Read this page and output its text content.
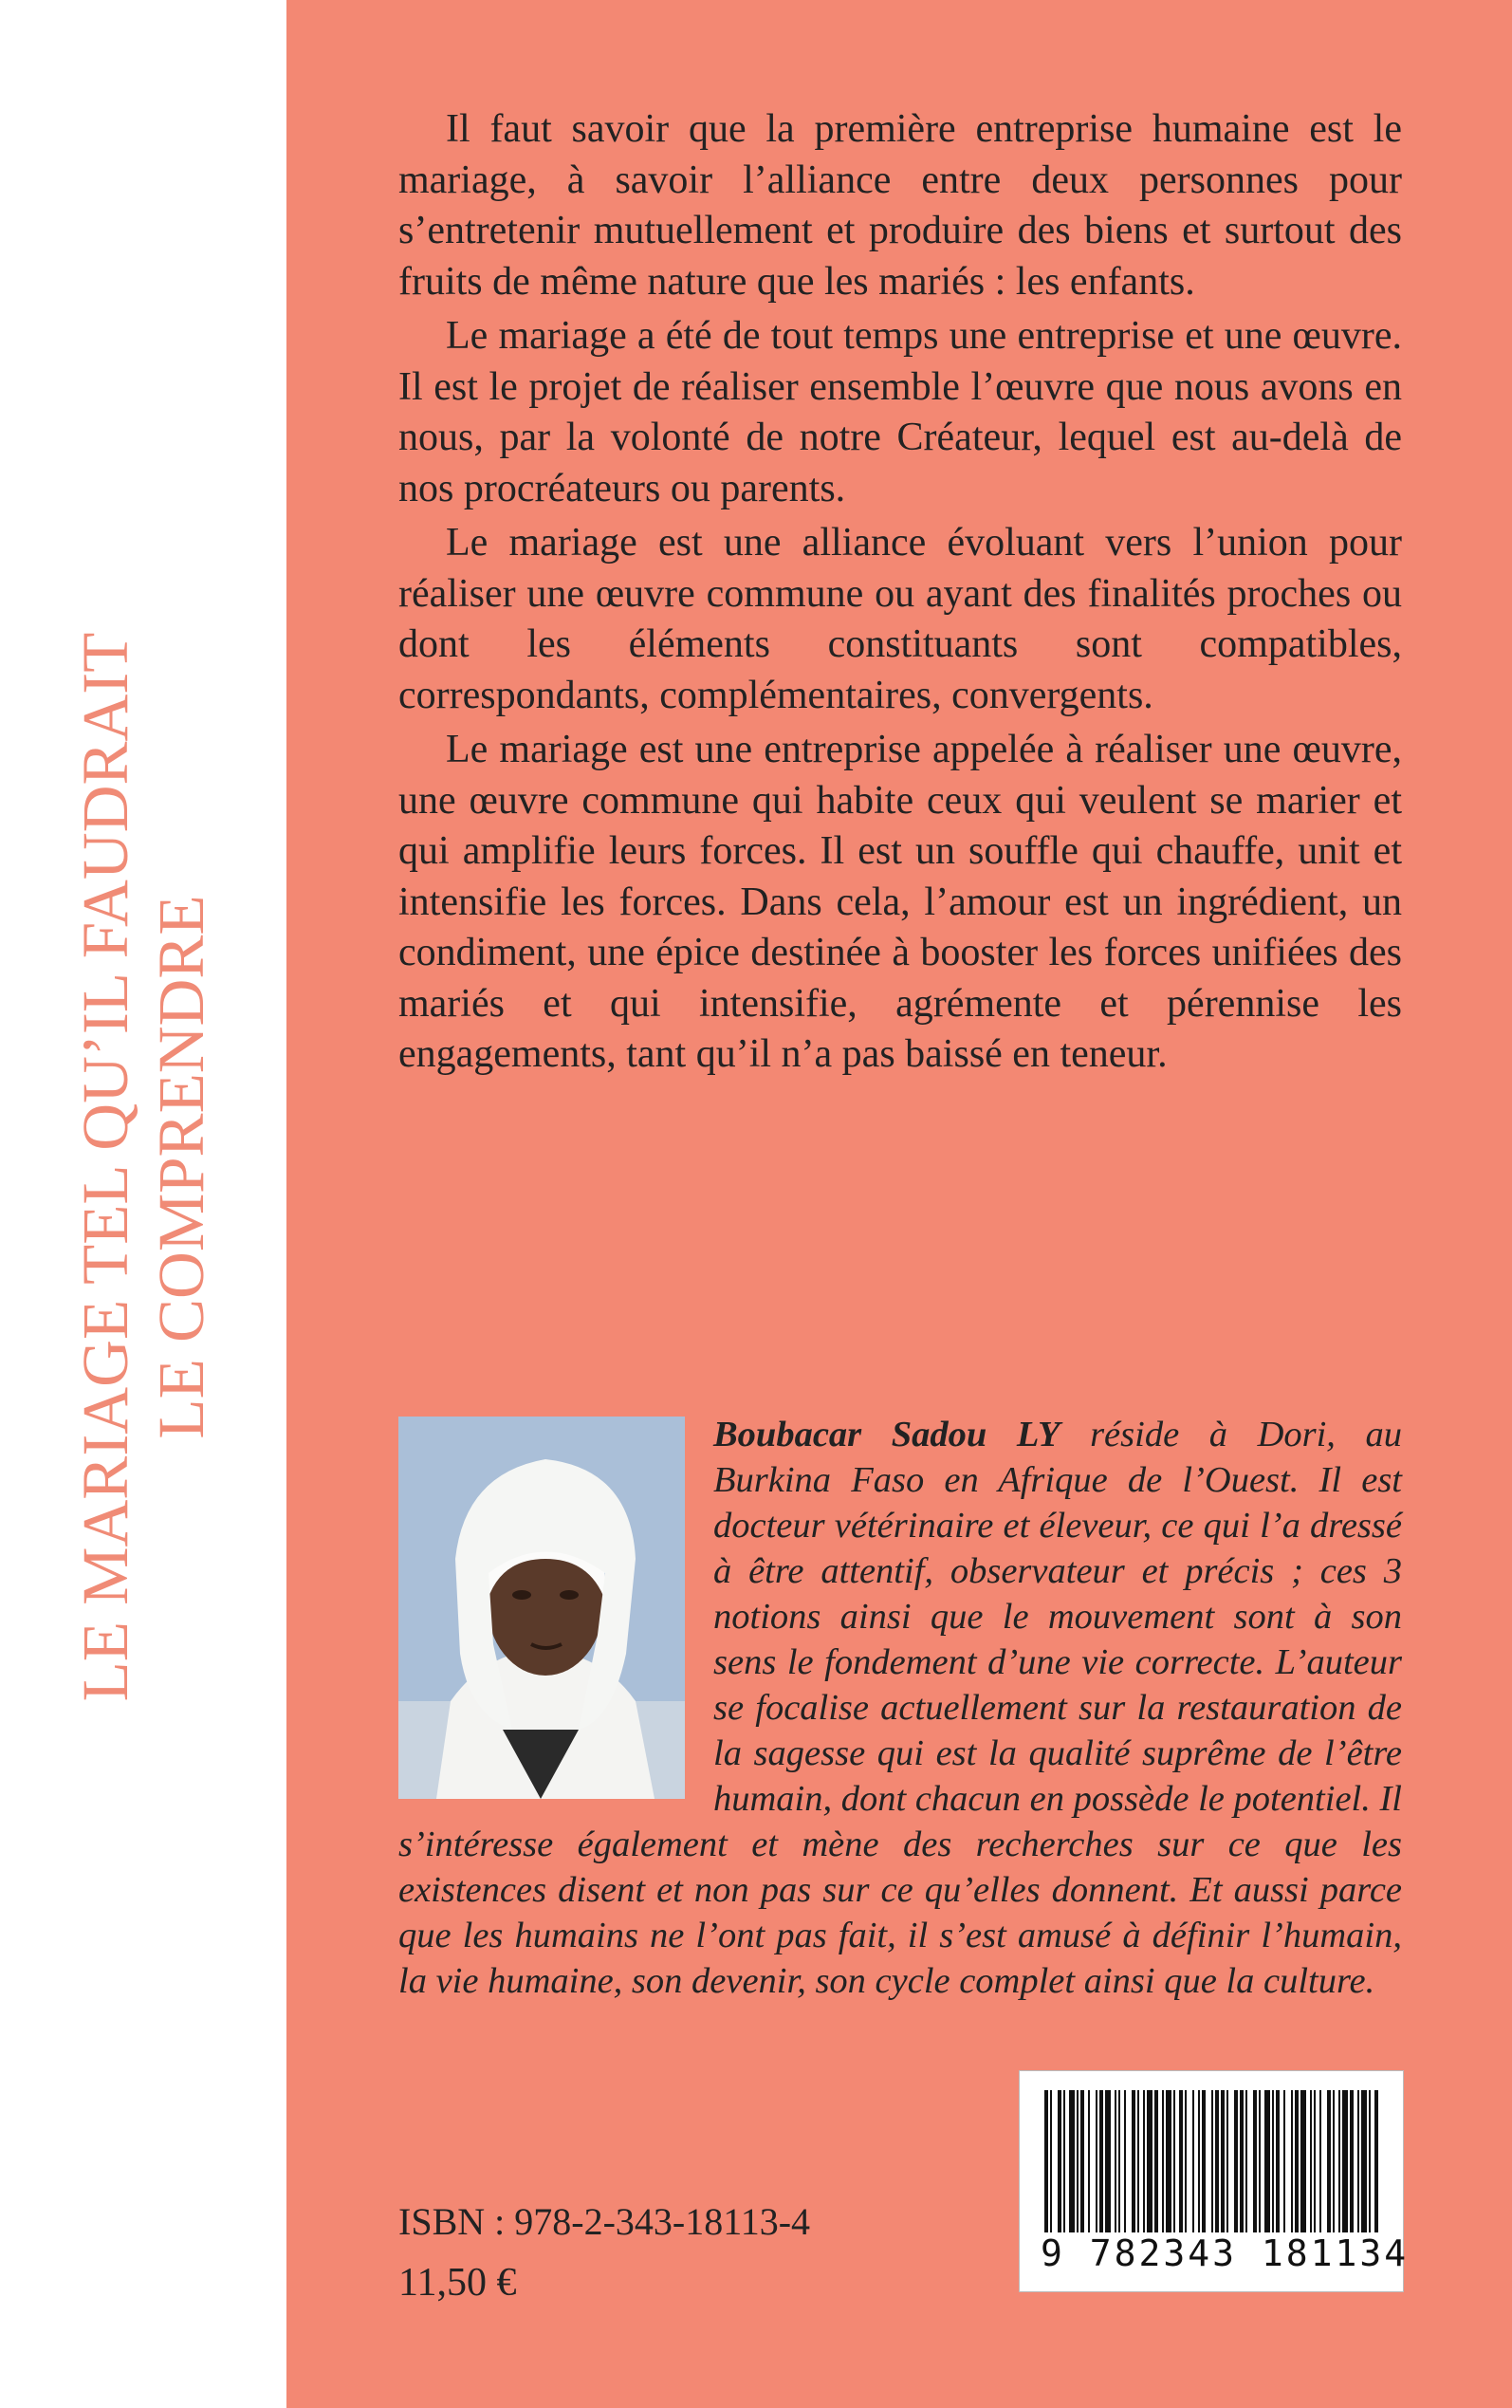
LE MARIAGE TEL QU’IL FAUDRAIT LE COMPRENDRE

Il faut savoir que la première entreprise humaine est le mariage, à savoir l’alliance entre deux personnes pour s’entretenir mutuellement et produire des biens et surtout des fruits de même nature que les mariés : les enfants.

Le mariage a été de tout temps une entreprise et une œuvre. Il est le projet de réaliser ensemble l’œuvre que nous avons en nous, par la volonté de notre Créateur, lequel est au-delà de nos procréateurs ou parents.

Le mariage est une alliance évoluant vers l’union pour réaliser une œuvre commune ou ayant des finalités proches ou dont les éléments constituants sont compatibles, correspondants, complémentaires, convergents.

Le mariage est une entreprise appelée à réaliser une œuvre, une œuvre commune qui habite ceux qui veulent se marier et qui amplifie leurs forces. Il est un souffle qui chauffe, unit et intensifie les forces. Dans cela, l’amour est un ingrédient, un condiment, une épice destinée à booster les forces unifiées des mariés et qui intensifie, agrémente et pérennise les engagements, tant qu’il n’a pas baissé en teneur.

Boubacar Sadou LY réside à Dori, au Burkina Faso en Afrique de l’Ouest. Il est docteur vétérinaire et éleveur, ce qui l’a dressé à être attentif, observateur et précis ; ces 3 notions ainsi que le mouvement sont à son sens le fondement d’une vie correcte. L’auteur se focalise actuellement sur la restauration de la sagesse qui est la qualité suprême de l’être humain, dont chacun en possède le potentiel. Il s’intéresse également et mène des recherches sur ce que les existences disent et non pas sur ce qu’elles donnent. Et aussi parce que les humains ne l’ont pas fait, il s’est amusé à définir l’humain, la vie humaine, son devenir, son cycle complet ainsi que la culture.
9 782343 181134
ISBN : 978-2-343-18113-4
11,50 €
